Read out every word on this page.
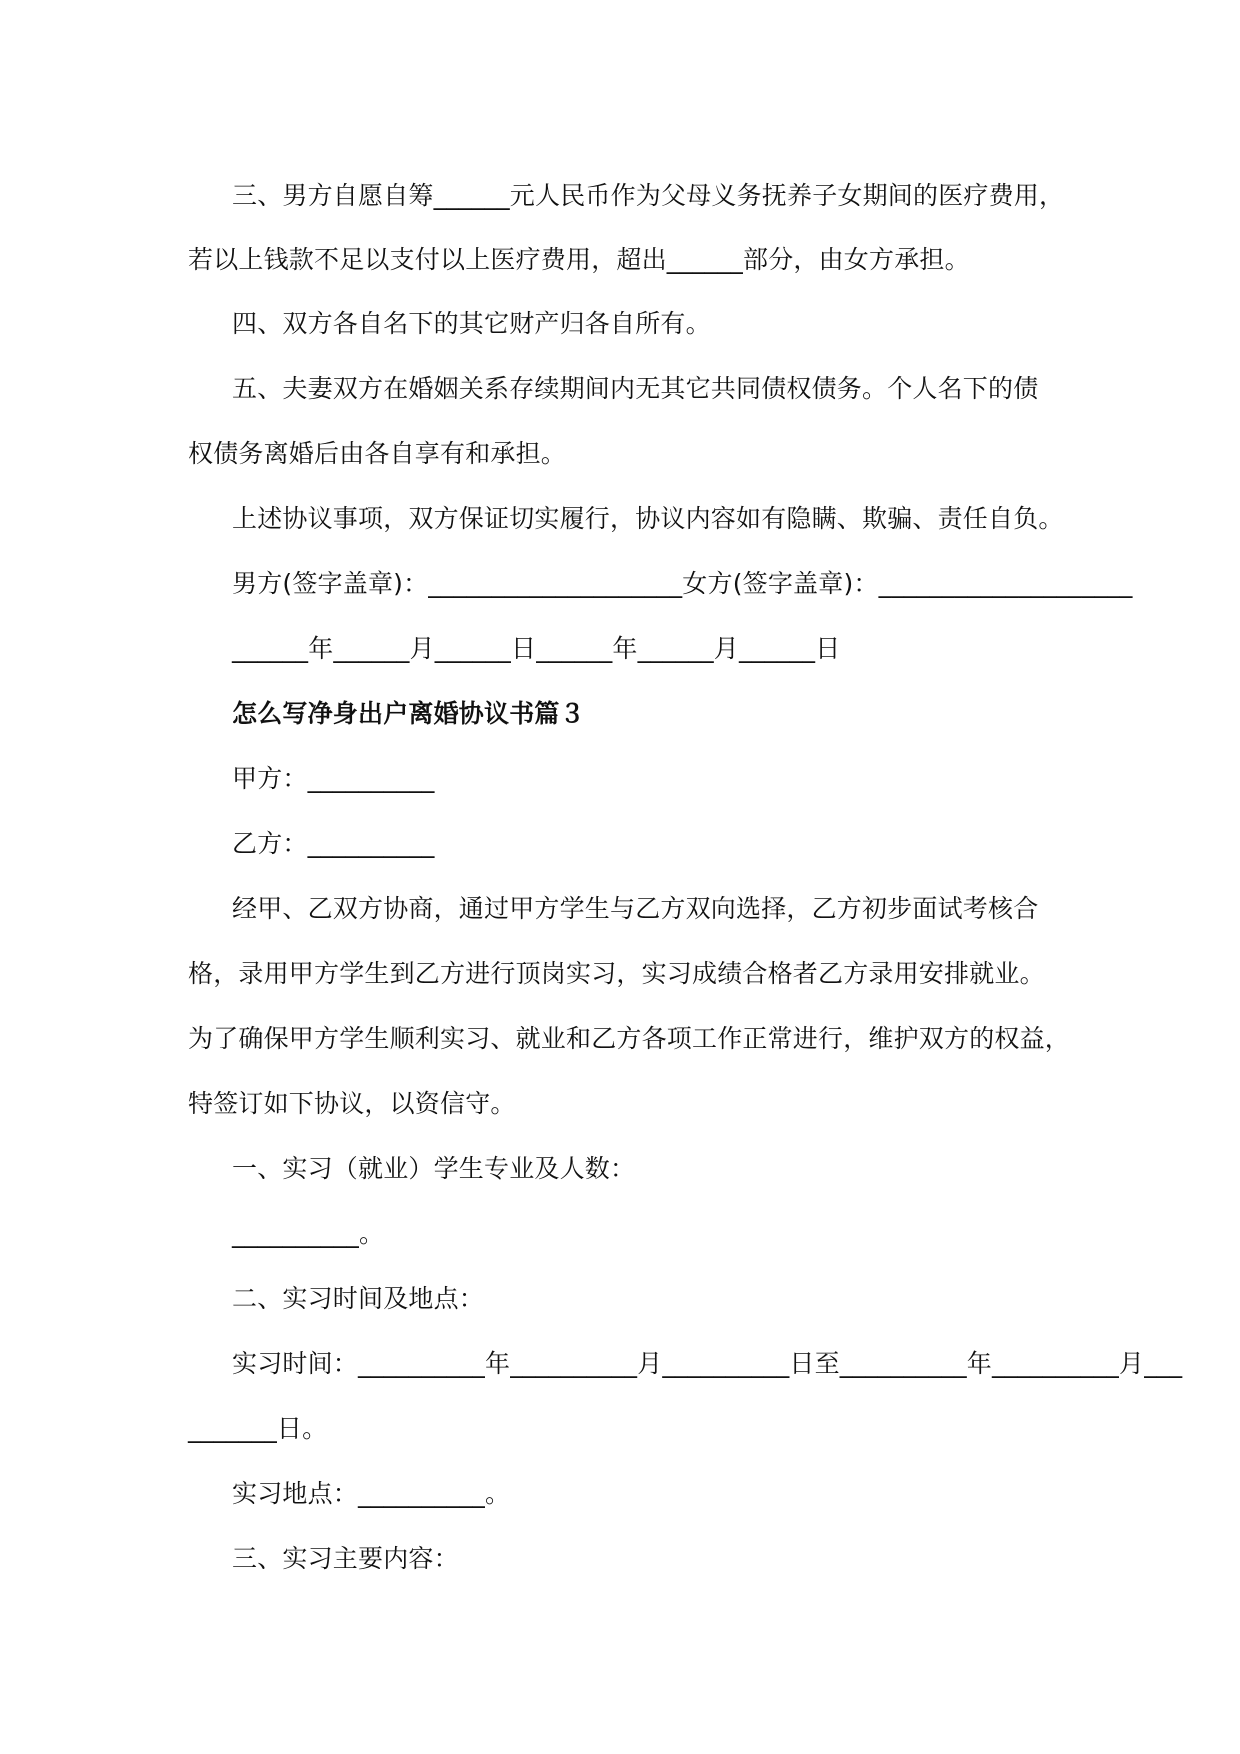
三、男方自愿自筹______元人民币作为父母义务抚养子女期间的医疗费用，
若以上钱款不足以支付以上医疗费用，超出______部分，由女方承担。
四、双方各自名下的其它财产归各自所有。
五、夫妻双方在婚姻关系存续期间内无其它共同债权债务。个人名下的债
权债务离婚后由各自享有和承担。
上述协议事项，双方保证切实履行，协议内容如有隐瞒、欺骗、责任自负。
男方(签字盖章)：____________________女方(签字盖章)：____________________
______年______月______日______年______月______日
怎么写净身出户离婚协议书篇３
甲方：__________
乙方：__________
经甲、乙双方协商，通过甲方学生与乙方双向选择，乙方初步面试考核合
格，录用甲方学生到乙方进行顶岗实习，实习成绩合格者乙方录用安排就业。
为了确保甲方学生顺利实习、就业和乙方各项工作正常进行，维护双方的权益，
特签订如下协议，以资信守。
一、实习（就业）学生专业及人数：
__________。
二、实习时间及地点：
实习时间：__________年__________月__________日至__________年__________月___
_______日。
实习地点：__________。
三、实习主要内容：
